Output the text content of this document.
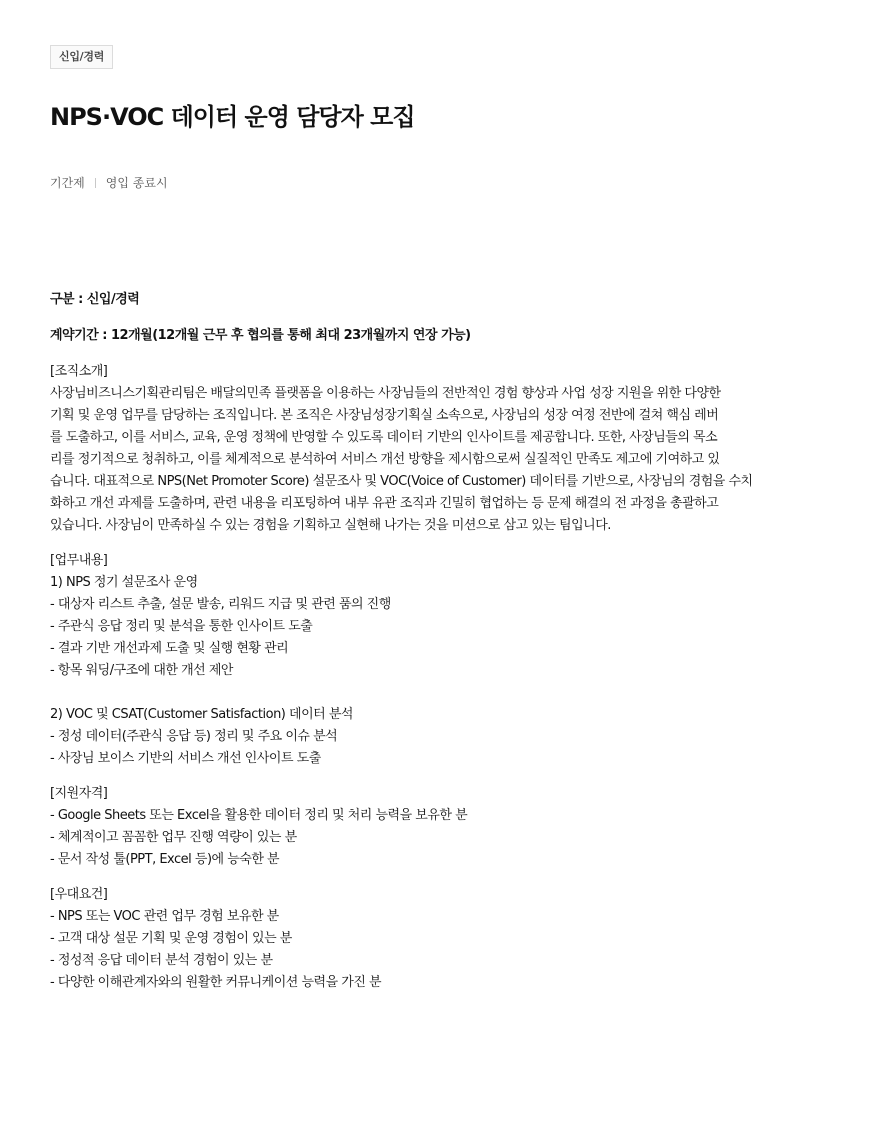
신입/경력
NPS·VOC 데이터 운영 담당자 모집
기간제 영입 종료시
구분 : 신입/경력
계약기간 : 12개월(12개월 근무 후 협의를 통해 최대 23개월까지 연장 가능)
[조직소개]
사장님비즈니스기획관리팀은 배달의민족 플랫폼을 이용하는 사장님들의 전반적인 경험 향상과 사업 성장 지원을 위한 다양한
기획 및 운영 업무를 담당하는 조직입니다. 본 조직은 사장님성장기획실 소속으로, 사장님의 성장 여정 전반에 걸쳐 핵심 레버
를 도출하고, 이를 서비스, 교육, 운영 정책에 반영할 수 있도록 데이터 기반의 인사이트를 제공합니다. 또한, 사장님들의 목소
리를 정기적으로 청취하고, 이를 체계적으로 분석하여 서비스 개선 방향을 제시함으로써 실질적인 만족도 제고에 기여하고 있
습니다. 대표적으로 NPS(Net Promoter Score) 설문조사 및 VOC(Voice of Customer) 데이터를 기반으로, 사장님의 경험을 수치
화하고 개선 과제를 도출하며, 관련 내용을 리포팅하여 내부 유관 조직과 긴밀히 협업하는 등 문제 해결의 전 과정을 총괄하고
있습니다. 사장님이 만족하실 수 있는 경험을 기획하고 실현해 나가는 것을 미션으로 삼고 있는 팀입니다.
[업무내용]
1) NPS 정기 설문조사 운영
- 대상자 리스트 추출, 설문 발송, 리워드 지급 및 관련 품의 진행
- 주관식 응답 정리 및 분석을 통한 인사이트 도출
- 결과 기반 개선과제 도출 및 실행 현황 관리
- 항목 워딩/구조에 대한 개선 제안
2) VOC 및 CSAT(Customer Satisfaction) 데이터 분석
- 정성 데이터(주관식 응답 등) 정리 및 주요 이슈 분석
- 사장님 보이스 기반의 서비스 개선 인사이트 도출
[지원자격]
- Google Sheets 또는 Excel을 활용한 데이터 정리 및 처리 능력을 보유한 분
- 체계적이고 꼼꼼한 업무 진행 역량이 있는 분
- 문서 작성 툴(PPT, Excel 등)에 능숙한 분
[우대요건]
- NPS 또는 VOC 관련 업무 경험 보유한 분
- 고객 대상 설문 기획 및 운영 경험이 있는 분
- 정성적 응답 데이터 분석 경험이 있는 분
- 다양한 이해관계자와의 원활한 커뮤니케이션 능력을 가진 분
